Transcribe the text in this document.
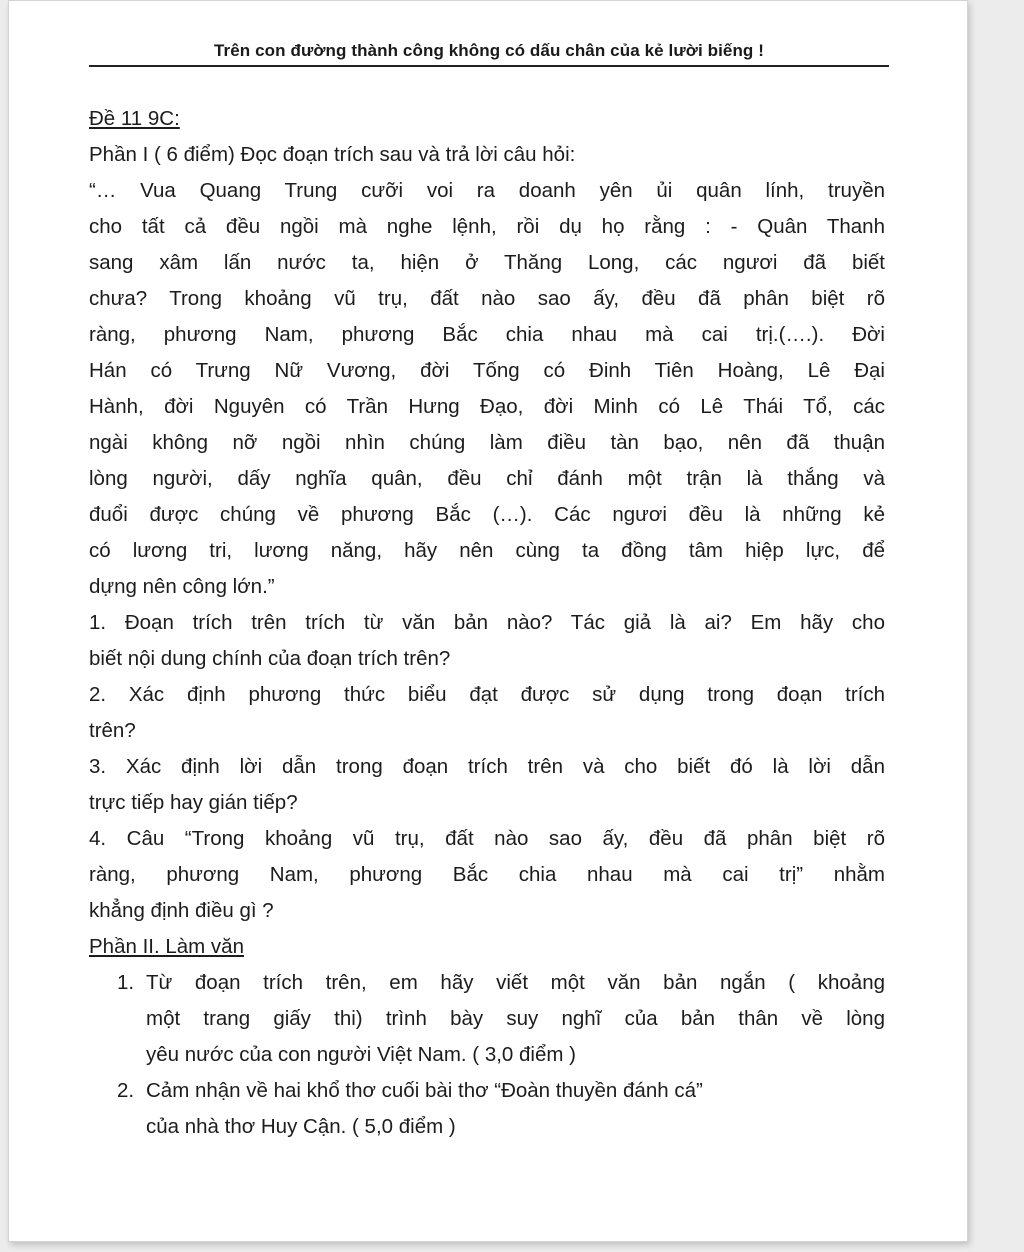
Trên con đường thành công không có dấu chân của kẻ lười biếng !
Đề 11 9C:
Phần I ( 6 điểm) Đọc đoạn trích sau và trả lời câu hỏi:
“… Vua Quang Trung cưỡi voi ra doanh yên ủi quân lính, truyền
cho tất cả đều ngồi mà nghe lệnh, rồi dụ họ rằng : - Quân Thanh
sang xâm lấn nước ta, hiện ở Thăng Long, các ngươi đã biết
chưa? Trong khoảng vũ trụ, đất nào sao ấy, đều đã phân biệt rõ
ràng, phương Nam, phương Bắc chia nhau mà cai trị.(….). Đời
Hán có Trưng Nữ Vương, đời Tống có Đinh Tiên Hoàng, Lê Đại
Hành, đời Nguyên có Trần Hưng Đạo, đời Minh có Lê Thái Tổ, các
ngài không nỡ ngồi nhìn chúng làm điều tàn bạo, nên đã thuận
lòng người, dấy nghĩa quân, đều chỉ đánh một trận là thắng và
đuổi được chúng về phương Bắc (…). Các ngươi đều là những kẻ
có lương tri, lương năng, hãy nên cùng ta đồng tâm hiệp lực, để
dựng nên công lớn.”
1. Đoạn trích trên trích từ văn bản nào? Tác giả là ai? Em hãy cho
biết nội dung chính của đoạn trích trên?
2. Xác định phương thức biểu đạt được sử dụng trong đoạn trích
trên?
3. Xác định lời dẫn trong đoạn trích trên và cho biết đó là lời dẫn
trực tiếp hay gián tiếp?
4. Câu “Trong khoảng vũ trụ, đất nào sao ấy, đều đã phân biệt rõ
ràng, phương Nam, phương Bắc chia nhau mà cai trị” nhằm
khẳng định điều gì ?
Phần II. Làm văn
1. Từ đoạn trích trên, em hãy viết một văn bản ngắn ( khoảng
một trang giấy thi) trình bày suy nghĩ của bản thân về lòng
yêu nước của con người Việt Nam. ( 3,0 điểm )
2. Cảm nhận về hai khổ thơ cuối bài thơ “Đoàn thuyền đánh cá”
của nhà thơ Huy Cận. ( 5,0 điểm )
